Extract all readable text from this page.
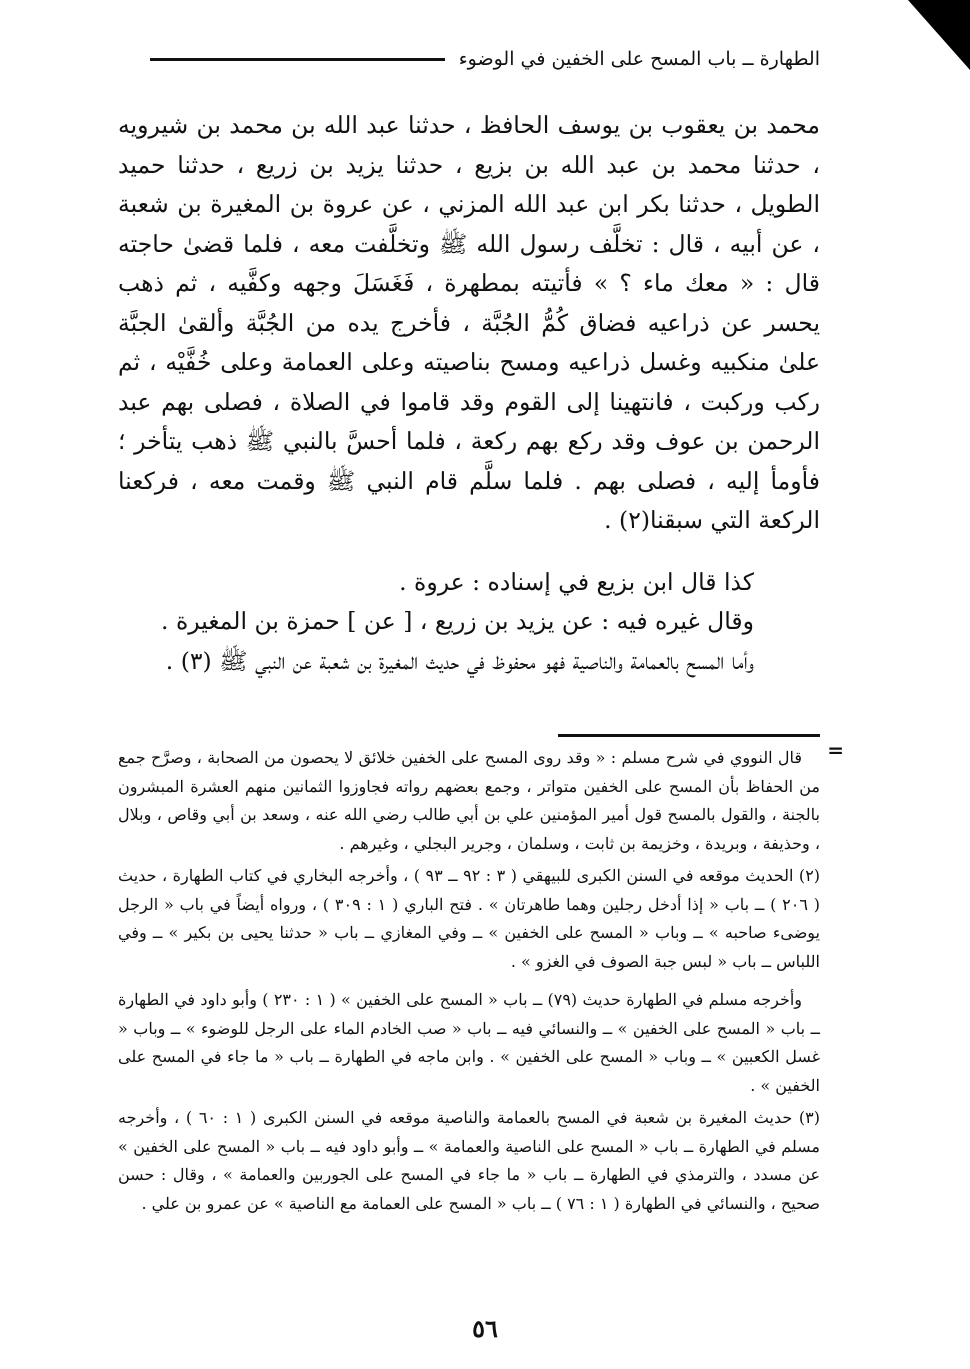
الطهارة ــ باب المسح على الخفين في الوضوء

محمد بن يعقوب بن يوسف الحافظ ، حدثنا عبد الله بن محمد بن شيرويه ، حدثنا محمد بن عبد الله بن بزيع ، حدثنا يزيد بن زريع ، حدثنا حميد الطويل ، حدثنا بكر ابن عبد الله المزني ، عن عروة بن المغيرة بن شعبة ، عن أبيه ، قال : تخلَّف رسول الله ﷺ وتخلَّفت معه ، فلما قضىٰ حاجته قال : « معك ماء ؟ » فأتيته بمطهرة ، فَغَسَلَ وجهه وكفَّيه ، ثم ذهب يحسر عن ذراعيه فضاق كُمُّ الجُبَّة ، فأخرج يده من الجُبَّة وألقىٰ الجبَّة علىٰ منكبيه وغسل ذراعيه ومسح بناصيته وعلى العمامة وعلى خُفَّيْه ، ثم ركب وركبت ، فانتهينا إلى القوم وقد قاموا في الصلاة ، فصلى بهم عبد الرحمن بن عوف وقد ركع بهم ركعة ، فلما أحسَّ بالنبي ﷺ ذهب يتأخر ؛ فأومأ إليه ، فصلى بهم . فلما سلَّم قام النبي ﷺ وقمت معه ، فركعنا الركعة التي سبقنا(٢) .

كذا قال ابن بزيع في إسناده : عروة .

وقال غيره فيه : عن يزيد بن زريع ، [ عن ] حمزة بن المغيرة .

وأما المسح بالعمامة والناصية فهو محفوظ في حديث المغيرة بن شعبة عن النبي ﷺ (٣) .

=

قال النووي في شرح مسلم : « وقد روى المسح على الخفين خلائق لا يحصون من الصحابة ، وصرَّح جمع من الحفاظ بأن المسح على الخفين متواتر ، وجمع بعضهم رواته فجاوزوا الثمانين منهم العشرة المبشرون بالجنة ، والقول بالمسح قول أمير المؤمنين علي بن أبي طالب رضي الله عنه ، وسعد بن أبي وقاص ، وبلال ، وحذيفة ، وبريدة ، وخزيمة بن ثابت ، وسلمان ، وجرير البجلي ، وغيرهم .

(٢) الحديث موقعه في السنن الكبرى للبيهقي ( ٣ : ٩٢ ــ ٩٣ ) ، وأخرجه البخاري في كتاب الطهارة ، حديث ( ٢٠٦ ) ــ باب « إذا أدخل رجلين وهما طاهرتان » . فتح الباري ( ١ : ٣٠٩ ) ، ورواه أيضاً في باب « الرجل يوضىء صاحبه » ــ وباب « المسح على الخفين » ــ وفي المغازي ــ باب « حدثنا يحيى بن بكير » ــ وفي اللباس ــ باب « لبس جبة الصوف في الغزو » .

وأخرجه مسلم في الطهارة حديث (٧٩) ــ باب « المسح على الخفين » ( ١ : ٢٣٠ ) وأبو داود في الطهارة ــ باب « المسح على الخفين » ــ والنسائي فيه ــ باب « صب الخادم الماء على الرجل للوضوء » ــ وباب « غسل الكعبين » ــ وباب « المسح على الخفين » . وابن ماجه في الطهارة ــ باب « ما جاء في المسح على الخفين » .

(٣) حديث المغيرة بن شعبة في المسح بالعمامة والناصية موقعه في السنن الكبرى ( ١ : ٦٠ ) ، وأخرجه مسلم في الطهارة ــ باب « المسح على الناصية والعمامة » ــ وأبو داود فيه ــ باب « المسح على الخفين » عن مسدد ، والترمذي في الطهارة ــ باب « ما جاء في المسح على الجوربين والعمامة » ، وقال : حسن صحيح ، والنسائي في الطهارة ( ١ : ٧٦ ) ــ باب « المسح على العمامة مع الناصية » عن عمرو بن علي .

٥٦
